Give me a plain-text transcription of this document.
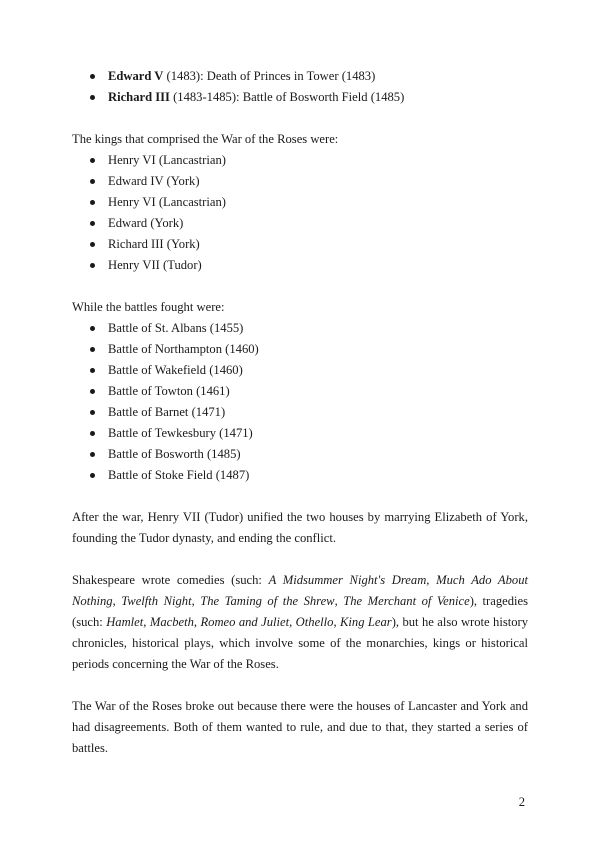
Edward V (1483): Death of Princes in Tower (1483)
Richard III (1483-1485): Battle of Bosworth Field (1485)

The kings that comprised the War of the Roses were:

Henry VI (Lancastrian)
Edward IV (York)
Henry VI (Lancastrian)
Edward (York)
Richard III (York)
Henry VII (Tudor)

While the battles fought were:

Battle of St. Albans (1455)
Battle of Northampton (1460)
Battle of Wakefield (1460)
Battle of Towton (1461)
Battle of Barnet (1471)
Battle of Tewkesbury (1471)
Battle of Bosworth (1485)
Battle of Stoke Field (1487)

After the war, Henry VII (Tudor) unified the two houses by marrying Elizabeth of York, founding the Tudor dynasty, and ending the conflict.

Shakespeare wrote comedies (such: A Midsummer Night's Dream, Much Ado About Nothing, Twelfth Night, The Taming of the Shrew, The Merchant of Venice), tragedies (such: Hamlet, Macbeth, Romeo and Juliet, Othello, King Lear), but he also wrote history chronicles, historical plays, which involve some of the monarchies, kings or historical periods concerning the War of the Roses.

The War of the Roses broke out because there were the houses of Lancaster and York and had disagreements. Both of them wanted to rule, and due to that, they started a series of battles.

2
